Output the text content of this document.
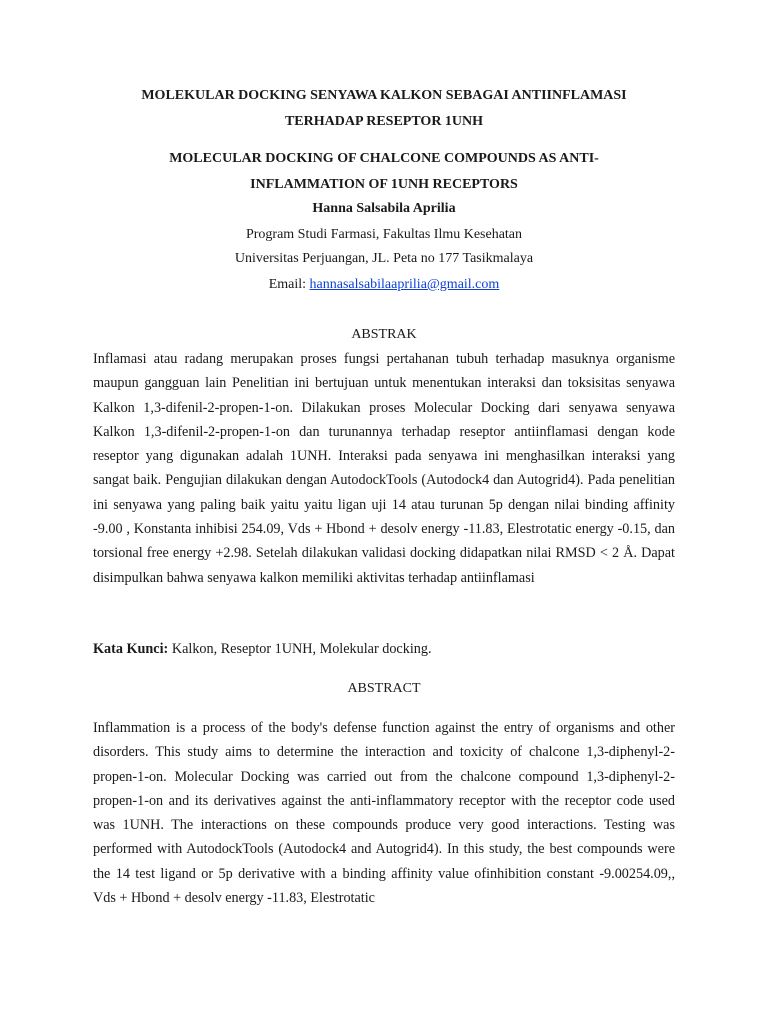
MOLEKULAR DOCKING SENYAWA KALKON SEBAGAI ANTIINFLAMASI
TERHADAP RESEPTOR 1UNH
MOLECULAR DOCKING OF CHALCONE COMPOUNDS AS ANTI-
INFLAMMATION OF 1UNH RECEPTORS
Hanna Salsabila Aprilia
Program Studi Farmasi, Fakultas Ilmu Kesehatan
Universitas Perjuangan, JL. Peta no 177 Tasikmalaya
Email: hannasalsabilaaprilia@gmail.com
ABSTRAK
Inflamasi atau radang merupakan proses fungsi pertahanan tubuh terhadap masuknya organisme maupun gangguan lain Penelitian ini bertujuan untuk menentukan interaksi dan toksisitas senyawa Kalkon 1,3-difenil-2-propen-1-on. Dilakukan proses Molecular Docking dari senyawa senyawa Kalkon 1,3-difenil-2-propen-1-on dan turunannya terhadap reseptor antiinflamasi dengan kode reseptor yang digunakan adalah 1UNH. Interaksi pada senyawa ini menghasilkan interaksi yang sangat baik. Pengujian dilakukan dengan AutodockTools (Autodock4 dan Autogrid4). Pada penelitian ini senyawa yang paling baik yaitu yaitu ligan uji 14 atau turunan 5p dengan nilai binding affinity -9.00 , Konstanta inhibisi 254.09, Vds + Hbond + desolv energy -11.83, Elestrotatic energy -0.15, dan torsional free energy +2.98. Setelah dilakukan validasi docking didapatkan nilai RMSD < 2 Å. Dapat disimpulkan bahwa senyawa kalkon memiliki aktivitas terhadap antiinflamasi
Kata Kunci: Kalkon, Reseptor 1UNH, Molekular docking.
ABSTRACT
Inflammation is a process of the body's defense function against the entry of organisms and other disorders. This study aims to determine the interaction and toxicity of chalcone 1,3-diphenyl-2-propen-1-on. Molecular Docking was carried out from the chalcone compound 1,3-diphenyl-2-propen-1-on and its derivatives against the anti-inflammatory receptor with the receptor code used was 1UNH. The interactions on these compounds produce very good interactions. Testing was performed with AutodockTools (Autodock4 and Autogrid4). In this study, the best compounds were the 14 test ligand or 5p derivative with a binding affinity value ofinhibition constant -9.00254.09,, Vds + Hbond + desolv energy -11.83, Elestrotatic
